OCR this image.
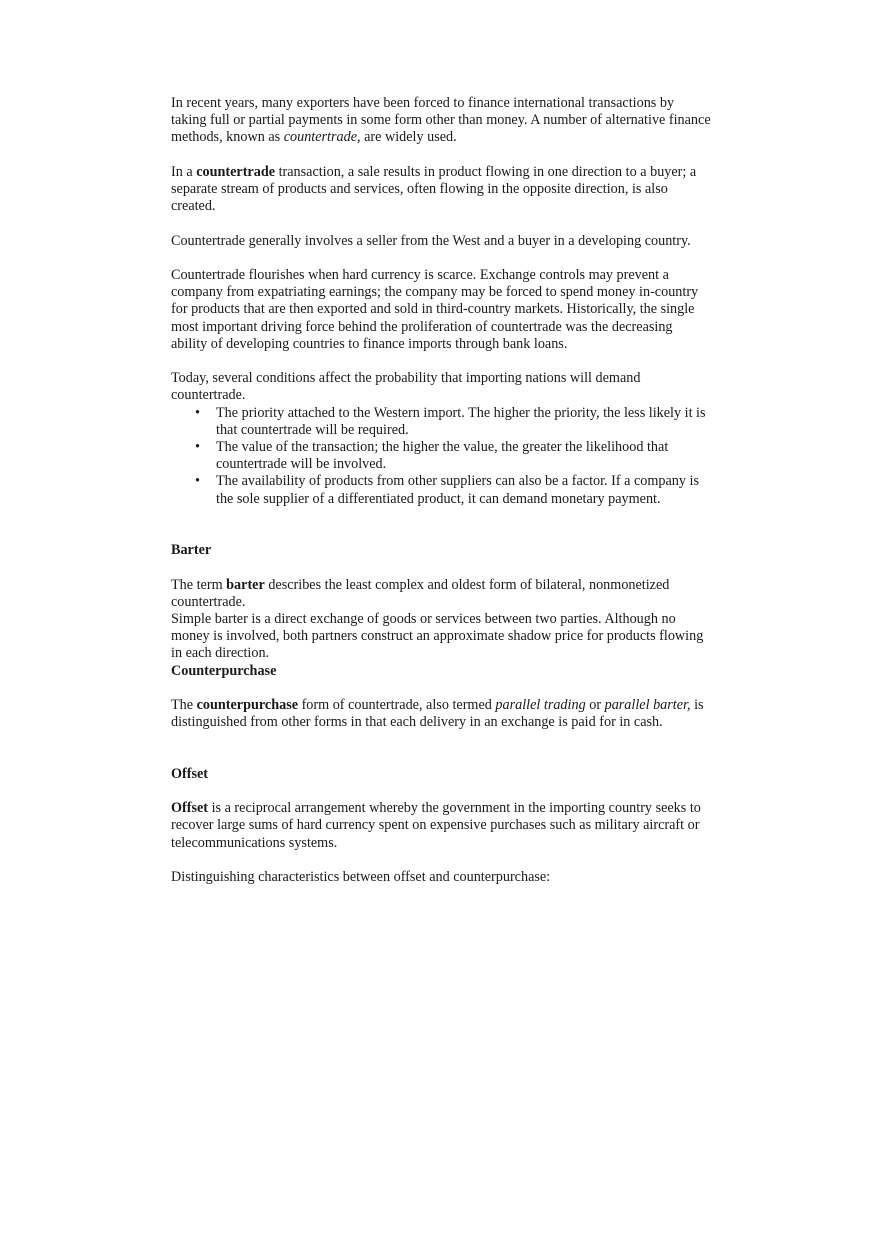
In recent years, many exporters have been forced to finance international transactions by taking full or partial payments in some form other than money. A number of alternative finance methods, known as countertrade, are widely used.

In a countertrade transaction, a sale results in product flowing in one direction to a buyer; a separate stream of products and services, often flowing in the opposite direction, is also created.

Countertrade generally involves a seller from the West and a buyer in a developing country.

Countertrade flourishes when hard currency is scarce. Exchange controls may prevent a company from expatriating earnings; the company may be forced to spend money in-country for products that are then exported and sold in third-country markets. Historically, the single most important driving force behind the proliferation of countertrade was the decreasing ability of developing countries to finance imports through bank loans.

Today, several conditions affect the probability that importing nations will demand countertrade.

• The priority attached to the Western import. The higher the priority, the less likely it is that countertrade will be required.
• The value of the transaction; the higher the value, the greater the likelihood that countertrade will be involved.
• The availability of products from other suppliers can also be a factor. If a company is the sole supplier of a differentiated product, it can demand monetary payment.

Barter

The term barter describes the least complex and oldest form of bilateral, nonmonetized countertrade.

Simple barter is a direct exchange of goods or services between two parties. Although no money is involved, both partners construct an approximate shadow price for products flowing in each direction.

Counterpurchase

The counterpurchase form of countertrade, also termed parallel trading or parallel barter, is distinguished from other forms in that each delivery in an exchange is paid for in cash.

Offset

Offset is a reciprocal arrangement whereby the government in the importing country seeks to recover large sums of hard currency spent on expensive purchases such as military aircraft or telecommunications systems.

Distinguishing characteristics between offset and counterpurchase:
